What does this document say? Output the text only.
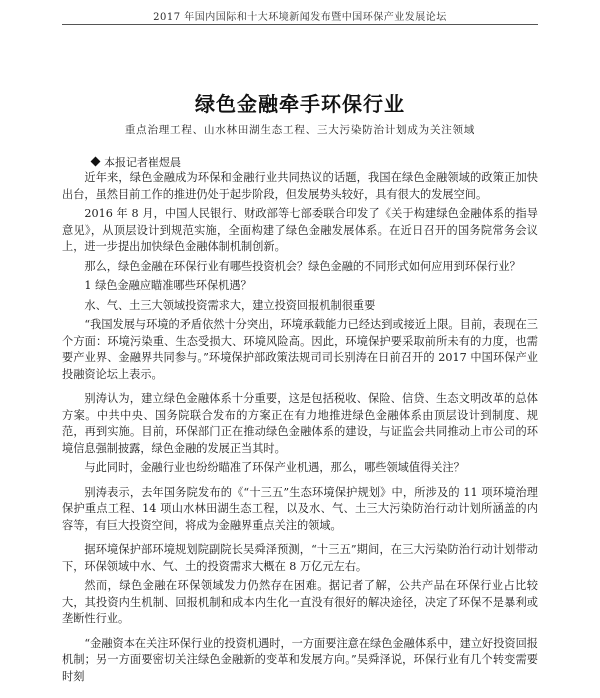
2017 年国内国际和十大环境新闻发布暨中国环保产业发展论坛
绿色金融牵手环保行业
重点治理工程、山水林田湖生态工程、三大污染防治计划成为关注领域
本报记者崔煜晨

近年来，绿色金融成为环保和金融行业共同热议的话题，我国在绿色金融领域的政策正加快出台，虽然目前工作的推进仍处于起步阶段，但发展势头较好，具有很大的发展空间。

2016 年 8 月，中国人民银行、财政部等七部委联合印发了《关于构建绿色金融体系的指导意见》，从顶层设计到规范实施，全面构建了绿色金融发展体系。在近日召开的国务院常务会议上，进一步提出加快绿色金融体制机制创新。

那么，绿色金融在环保行业有哪些投资机会？绿色金融的不同形式如何应用到环保行业？

1 绿色金融应瞄准哪些环保机遇？

水、气、土三大领域投资需求大，建立投资回报机制很重要

“我国发展与环境的矛盾依然十分突出，环境承载能力已经达到或接近上限。目前，表现在三个方面：环境污染重、生态受损大、环境风险高。因此，环境保护要采取前所未有的力度，也需要产业界、金融界共同参与。”环境保护部政策法规司司长别涛在日前召开的 2017 中国环保产业投融资论坛上表示。

别涛认为，建立绿色金融体系十分重要，这是包括税收、保险、信贷、生态文明改革的总体方案。中共中央、国务院联合发布的方案正在有力地推进绿色金融体系由顶层设计到制度、规范，再到实施。目前，环保部门正在推动绿色金融体系的建设，与证监会共同推动上市公司的环境信息强制披露，绿色金融的发展正当其时。

与此同时，金融行业也纷纷瞄准了环保产业机遇，那么，哪些领域值得关注？

别涛表示，去年国务院发布的《“十三五”生态环境保护规划》中，所涉及的 11 项环境治理保护重点工程、14 项山水林田湖生态工程，以及水、气、土三大污染防治行动计划所涵盖的内容等，有巨大投资空间，将成为金融界重点关注的领域。

据环境保护部环境规划院副院长吴舜泽预测，“十三五”期间，在三大污染防治行动计划带动下，环保领域中水、气、土的投资需求大概在 8 万亿元左右。

然而，绿色金融在环保领域发力仍然存在困难。据记者了解，公共产品在环保行业占比较大，其投资内生机制、回报机制和成本内生化一直没有很好的解决途径，决定了环保不是暴利或垄断性行业。

“金融资本在关注环保行业的投资机遇时，一方面要注意在绿色金融体系中，建立好投资回报机制；另一方面要密切关注绿色金融新的变革和发展方向。”吴舜泽说，环保行业有几个转变需要时刻
